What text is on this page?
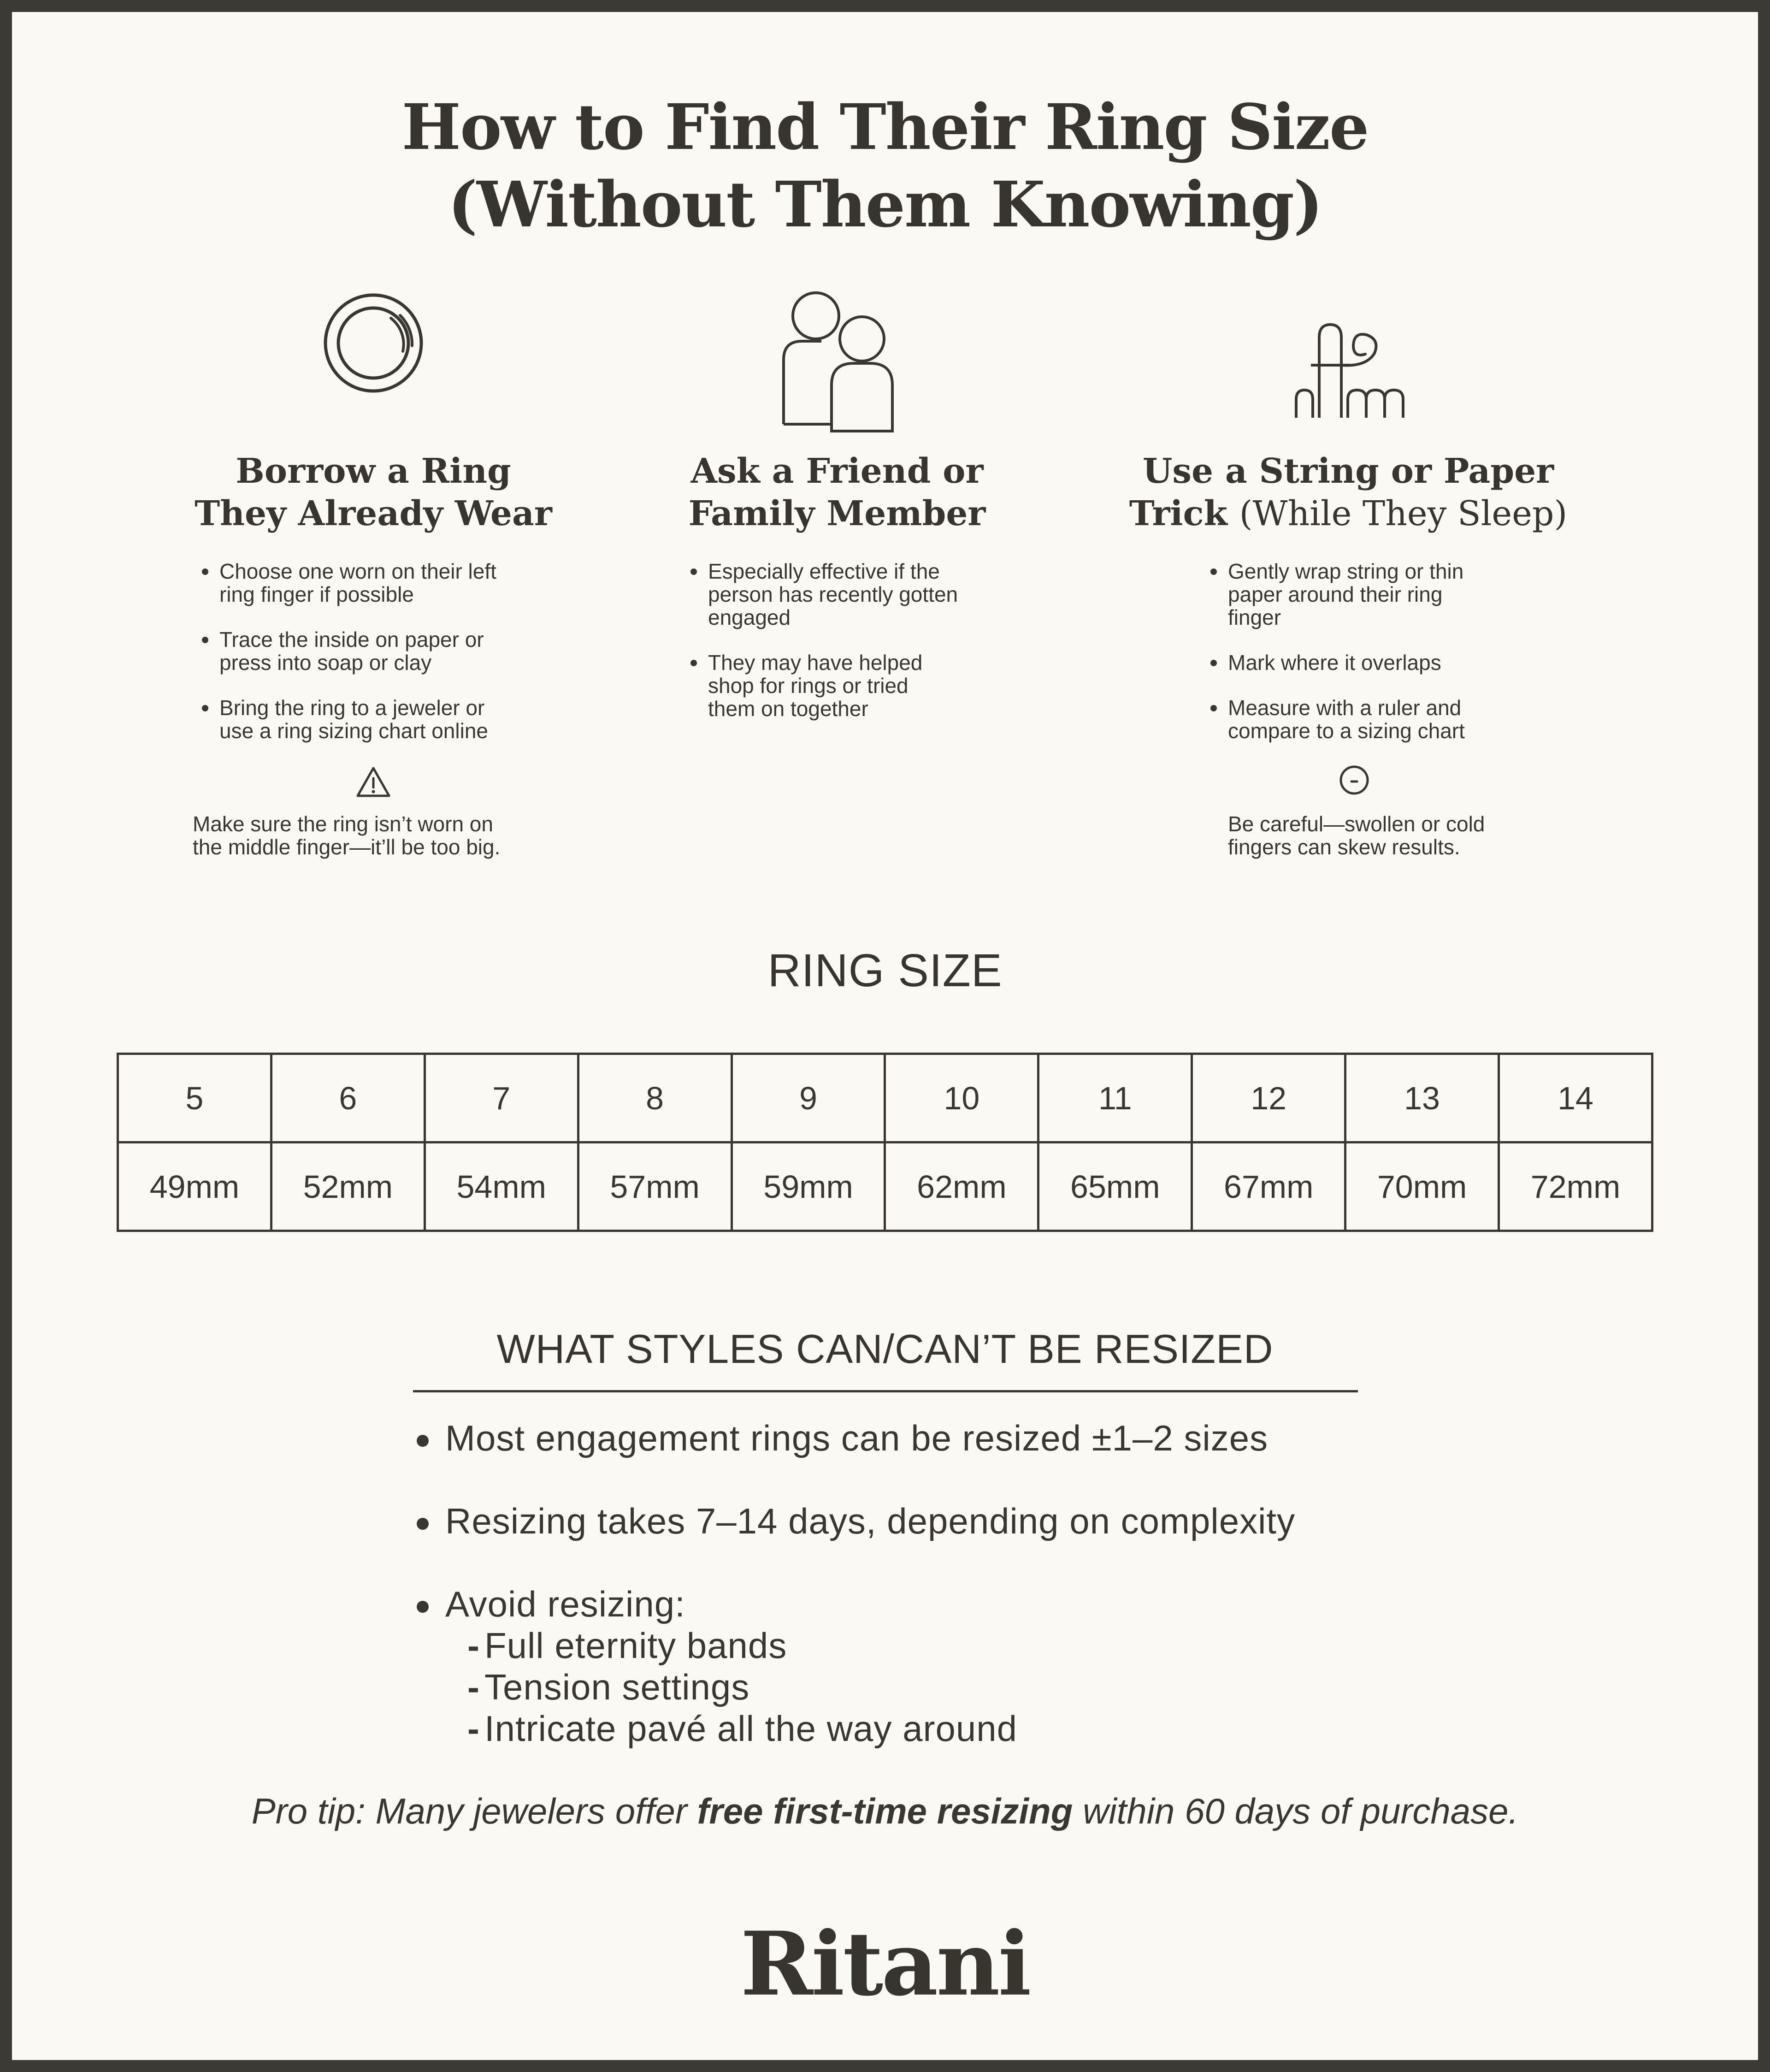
How to Find Their Ring Size
(Without Them Knowing)
Borrow a Ring
They Already Wear
Choose one worn on their left
ring finger if possible
Trace the inside on paper or
press into soap or clay
Bring the ring to a jeweler or
use a ring sizing chart online
Make sure the ring isn’t worn on
the middle finger—it’ll be too big.
Ask a Friend or
Family Member
Especially effective if the
person has recently gotten
engaged
They may have helped
shop for rings or tried
them on together
Use a String or Paper
Trick (While They Sleep)
Gently wrap string or thin
paper around their ring
finger
Mark where it overlaps
Measure with a ruler and
compare to a sizing chart
Be careful—swollen or cold
fingers can skew results.
RING SIZE
5	6	7	8	9	10	11	12	13	14
49mm	52mm	54mm	57mm	59mm	62mm	65mm	67mm	70mm	72mm
WHAT STYLES CAN/CAN’T BE RESIZED
Most engagement rings can be resized ±1–2 sizes
Resizing takes 7–14 days, depending on complexity
Avoid resizing:
- Full eternity bands
- Tension settings
- Intricate pavé all the way around
Pro tip: Many jewelers offer free first-time resizing within 60 days of purchase.
Ritani
